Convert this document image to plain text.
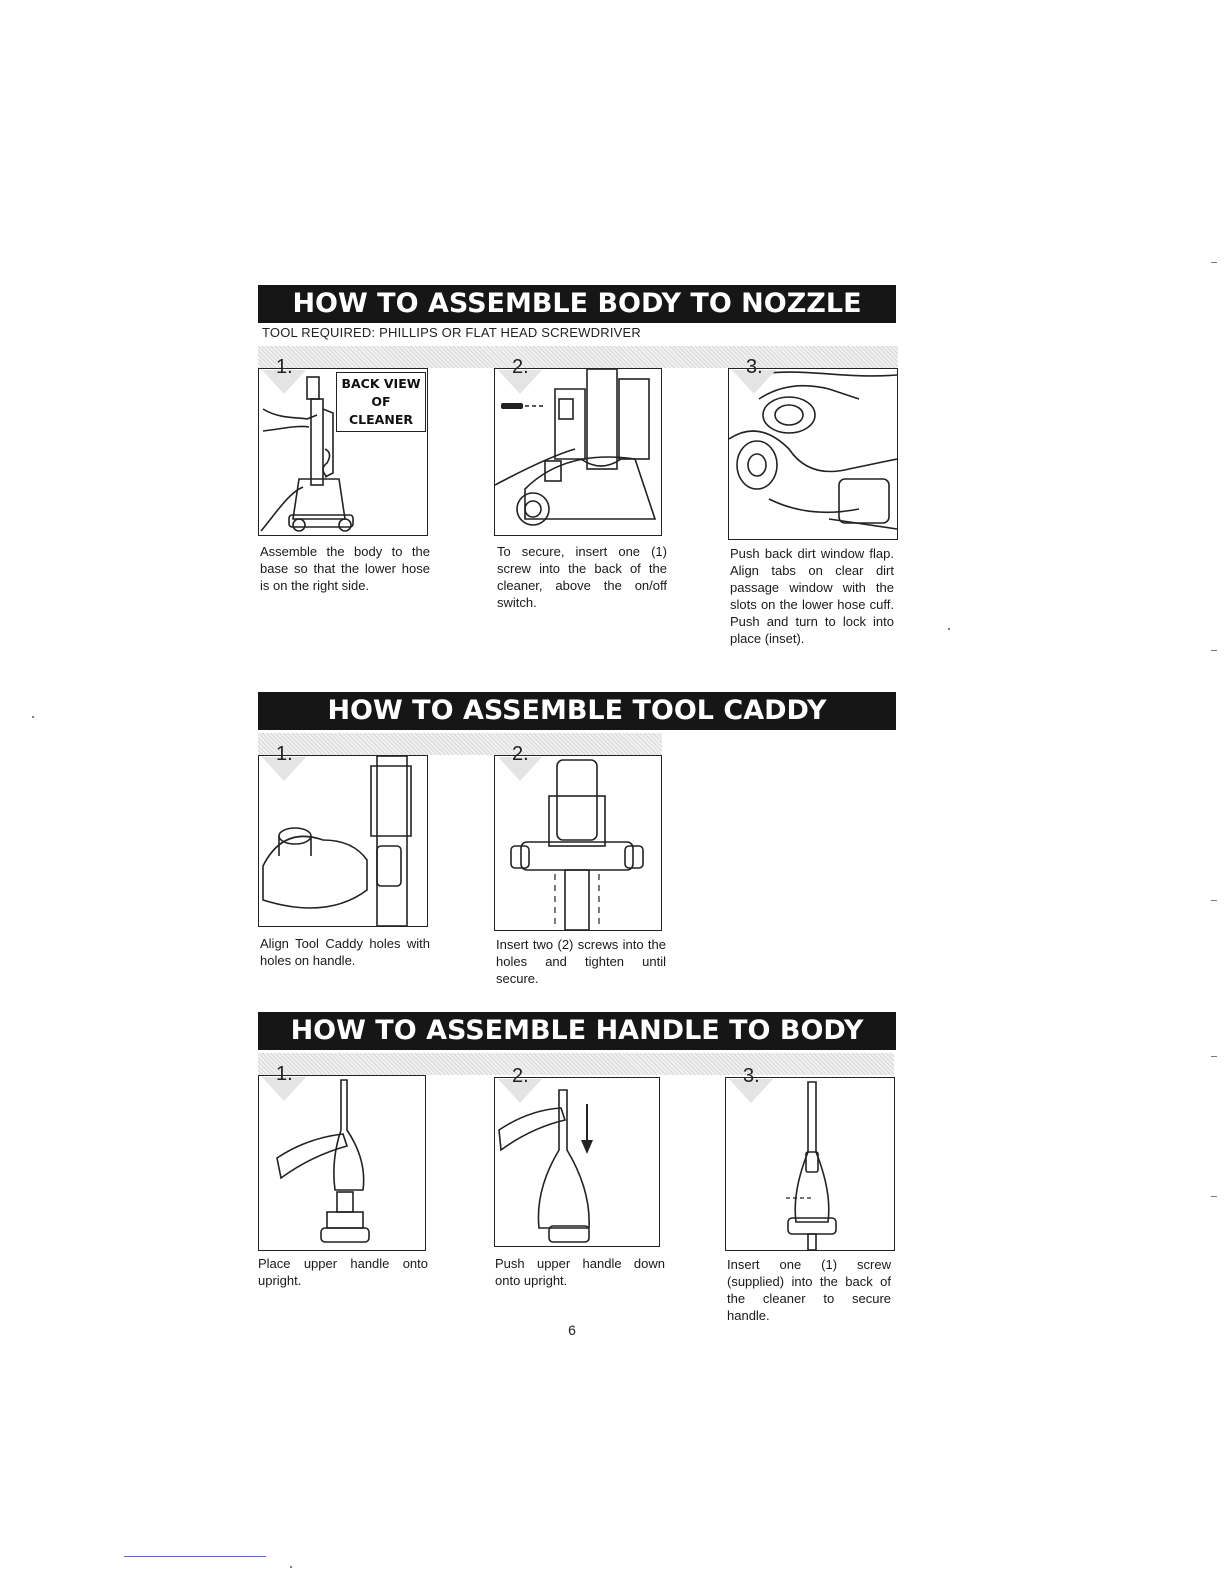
HOW TO ASSEMBLE BODY TO NOZZLE
TOOL REQUIRED: PHILLIPS OR FLAT HEAD SCREWDRIVER
1.
BACK VIEW
OF CLEANER
Assemble the body to the base so that the lower hose is on the right side.
2.
To secure, insert one (1) screw into the back of the cleaner, above the on/off switch.
3.
Push back dirt window flap. Align tabs on clear dirt passage window with the slots on the lower hose cuff. Push and turn to lock into place (inset).
HOW TO ASSEMBLE TOOL CADDY
1.
Align Tool Caddy holes with holes on handle.
2.
Insert two (2) screws into the holes and tighten until secure.
HOW TO ASSEMBLE HANDLE TO BODY
1.
Place upper handle onto upright.
2.
Push upper handle down onto upright.
3.
Insert one (1) screw (supplied) into the back of the cleaner to secure handle.
6
